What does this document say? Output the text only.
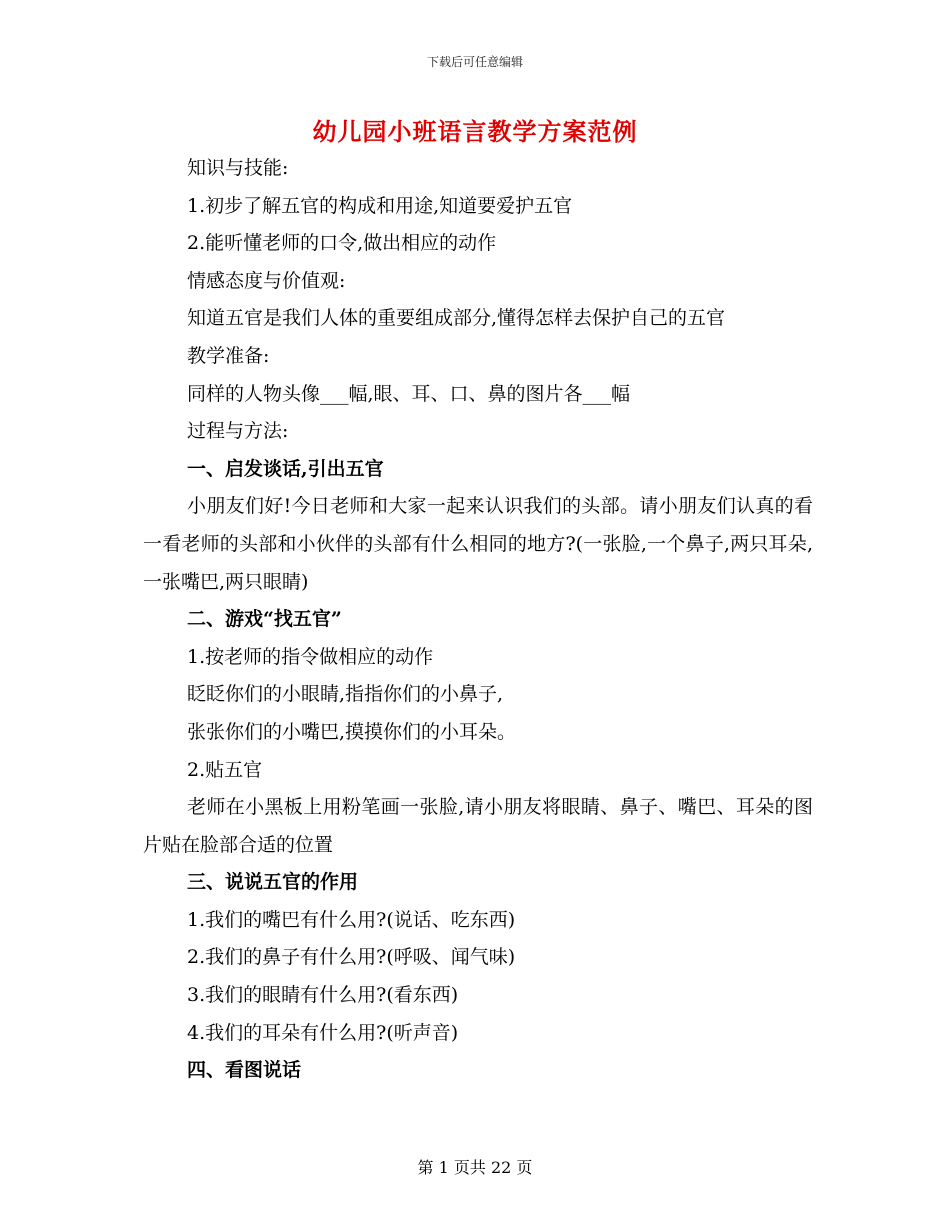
下载后可任意编辑
幼儿园小班语言教学方案范例

知识与技能:

1.初步了解五官的构成和用途,知道要爱护五官

2.能听懂老师的口令,做出相应的动作

情感态度与价值观:

知道五官是我们人体的重要组成部分,懂得怎样去保护自己的五官

教学准备:

同样的人物头像___幅,眼、耳、口、鼻的图片各___幅

过程与方法:

一、启发谈话,引出五官

小朋友们好!今日老师和大家一起来认识我们的头部。请小朋友们认真的看一看老师的头部和小伙伴的头部有什么相同的地方?(一张脸,一个鼻子,两只耳朵,一张嘴巴,两只眼睛)

二、游戏“找五官”

1.按老师的指令做相应的动作

眨眨你们的小眼睛,指指你们的小鼻子,

张张你们的小嘴巴,摸摸你们的小耳朵。

2.贴五官

老师在小黑板上用粉笔画一张脸,请小朋友将眼睛、鼻子、嘴巴、耳朵的图片贴在脸部合适的位置

三、说说五官的作用

1.我们的嘴巴有什么用?(说话、吃东西)

2.我们的鼻子有什么用?(呼吸、闻气味)

3.我们的眼睛有什么用?(看东西)

4.我们的耳朵有什么用?(听声音)

四、看图说话

第 1 页共 22 页
